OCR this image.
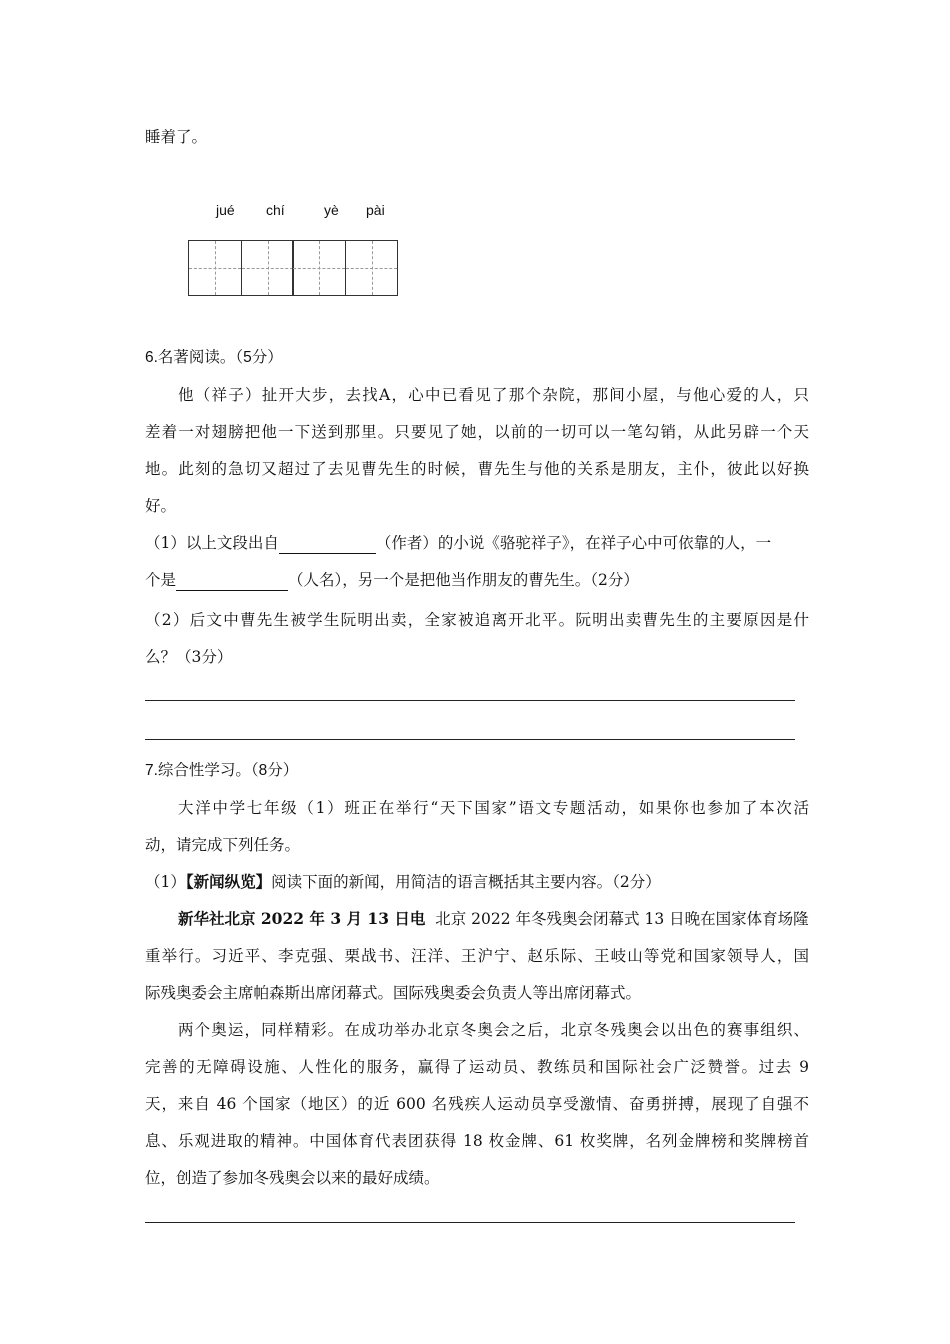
睡着了。
jué chí	yè pài
6.名著阅读。（5分）
他（祥子）扯开大步，去找A，心中已看见了那个杂院，那间小屋，与他心爱的人，只
差着一对翅膀把他一下送到那里。只要见了她，以前的一切可以一笔勾销，从此另辟一个天
地。此刻的急切又超过了去见曹先生的时候，曹先生与他的关系是朋友，主仆，彼此以好换
好。
（1）以上文段出自	（作者）的小说《骆驼祥子》，在祥子心中可依靠的人，一
个是	（人名），另一个是把他当作朋友的曹先生。（2分）
（2）后文中曹先生被学生阮明出卖，全家被追离开北平。阮明出卖曹先生的主要原因是什
么？（3分）
7.综合性学习。（8分）
大洋中学七年级（1）班正在举行“天下国家”语文专题活动，如果你也参加了本次活
动，请完成下列任务。
（1）【新闻纵览】阅读下面的新闻，用简洁的语言概括其主要内容。（2分）
新华社北京 2022 年 3 月 13 日电 北京 2022 年冬残奥会闭幕式 13 日晚在国家体育场隆
重举行。习近平、李克强、栗战书、汪洋、王沪宁、赵乐际、王岐山等党和国家领导人，国
际残奥委会主席帕森斯出席闭幕式。国际残奥委会负责人等出席闭幕式。
两个奥运，同样精彩。在成功举办北京冬奥会之后，北京冬残奥会以出色的赛事组织、
完善的无障碍设施、人性化的服务，赢得了运动员、教练员和国际社会广泛赞誉。过去 9
天，来自 46 个国家（地区）的近 600 名残疾人运动员享受激情、奋勇拼搏，展现了自强不
息、乐观进取的精神。中国体育代表团获得 18 枚金牌、61 枚奖牌，名列金牌榜和奖牌榜首
位，创造了参加冬残奥会以来的最好成绩。
